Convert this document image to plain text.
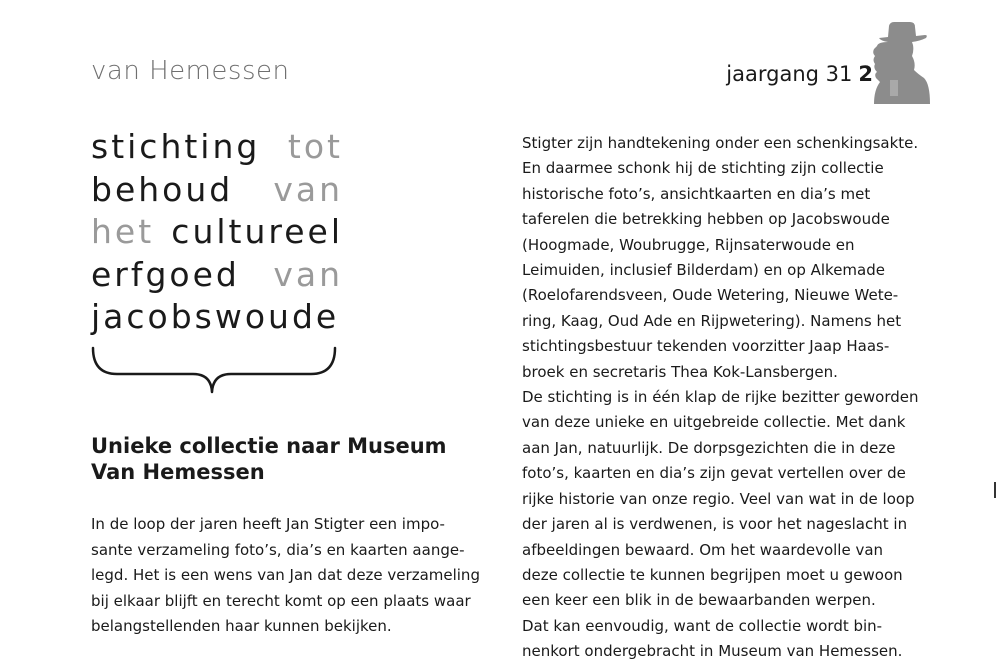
van Hemessen	jaargang 31 2
stichting tot
behoud van
het cultureel
erfgoed van
jacobswoude
Unieke collectie naar Museum Van Hemessen
In de loop der jaren heeft Jan Stigter een impo-
sante verzameling foto’s, dia’s en kaarten aange-
legd. Het is een wens van Jan dat deze verzameling
bij elkaar blijft en terecht komt op een plaats waar
belangstellenden haar kunnen bekijken.
Stigter zijn handtekening onder een schenkingsakte.
En daarmee schonk hij de stichting zijn collectie
historische foto’s, ansichtkaarten en dia’s met
taferelen die betrekking hebben op Jacobswoude
(Hoogmade, Woubrugge, Rijnsaterwoude en
Leimuiden, inclusief Bilderdam) en op Alkemade
(Roelofarendsveen, Oude Wetering, Nieuwe Wete-
ring, Kaag, Oud Ade en Rijpwetering). Namens het
stichtingsbestuur tekenden voorzitter Jaap Haas-
broek en secretaris Thea Kok-Lansbergen.
De stichting is in één klap de rijke bezitter geworden
van deze unieke en uitgebreide collectie. Met dank
aan Jan, natuurlijk. De dorpsgezichten die in deze
foto’s, kaarten en dia’s zijn gevat vertellen over de
rijke historie van onze regio. Veel van wat in de loop
der jaren al is verdwenen, is voor het nageslacht in
afbeeldingen bewaard. Om het waardevolle van
deze collectie te kunnen begrijpen moet u gewoon
een keer een blik in de bewaarbanden werpen.
Dat kan eenvoudig, want de collectie wordt bin-
nenkort ondergebracht in Museum van Hemessen.
